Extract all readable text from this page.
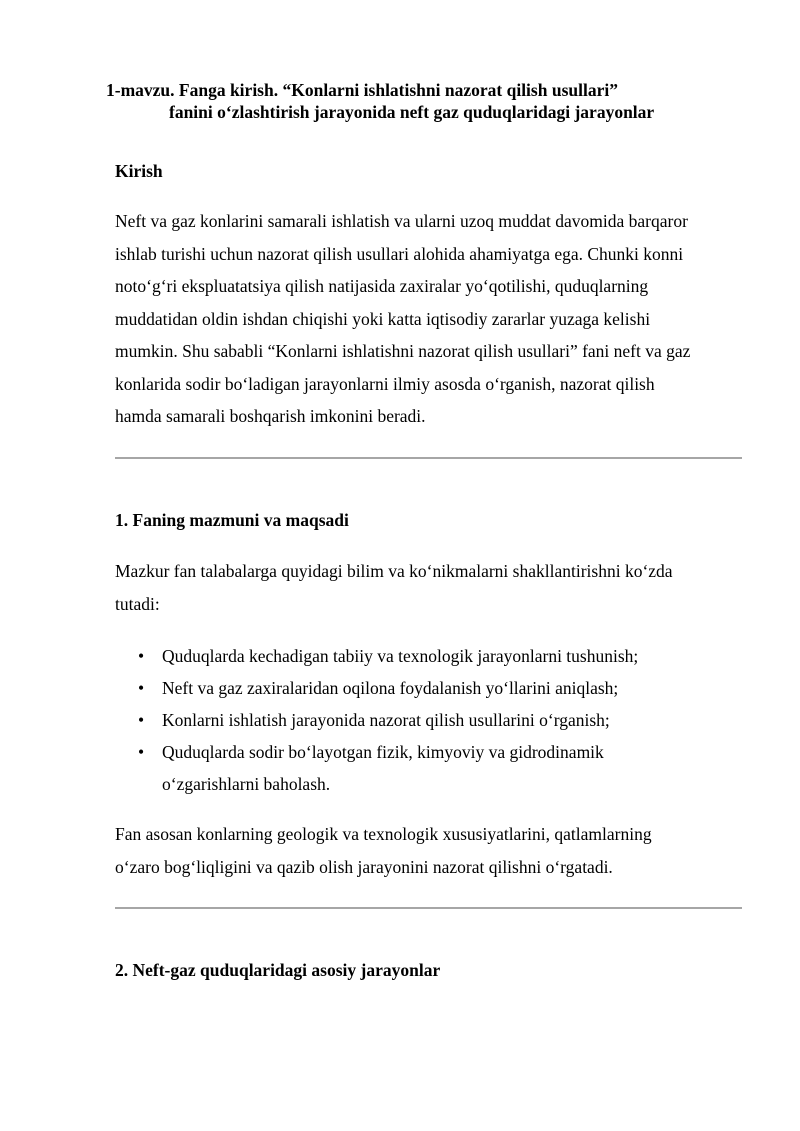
1-mavzu. Fanga kirish. “Konlarni ishlatishni nazorat qilish usullari”

fanini o‘zlashtirish jarayonida neft gaz quduqlaridagi jarayonlar

Kirish

Neft va gaz konlarini samarali ishlatish va ularni uzoq muddat davomida barqaror
ishlab turishi uchun nazorat qilish usullari alohida ahamiyatga ega. Chunki konni
noto‘g‘ri ekspluatatsiya qilish natijasida zaxiralar yo‘qotilishi, quduqlarning
muddatidan oldin ishdan chiqishi yoki katta iqtisodiy zararlar yuzaga kelishi
mumkin. Shu sababli “Konlarni ishlatishni nazorat qilish usullari” fani neft va gaz
konlarida sodir bo‘ladigan jarayonlarni ilmiy asosda o‘rganish, nazorat qilish
hamda samarali boshqarish imkonini beradi.

1. Faning mazmuni va maqsadi

Mazkur fan talabalarga quyidagi bilim va ko‘nikmalarni shakllantirishni ko‘zda
tutadi:
• Quduqlarda kechadigan tabiiy va texnologik jarayonlarni tushunish;
• Neft va gaz zaxiralaridan oqilona foydalanish yo‘llarini aniqlash;
• Konlarni ishlatish jarayonida nazorat qilish usullarini o‘rganish;
• Quduqlarda sodir bo‘layotgan fizik, kimyoviy va gidrodinamik
o‘zgarishlarni baholash.
Fan asosan konlarning geologik va texnologik xususiyatlarini, qatlamlarning
o‘zaro bog‘liqligini va qazib olish jarayonini nazorat qilishni o‘rgatadi.

2. Neft-gaz quduqlaridagi asosiy jarayonlar
